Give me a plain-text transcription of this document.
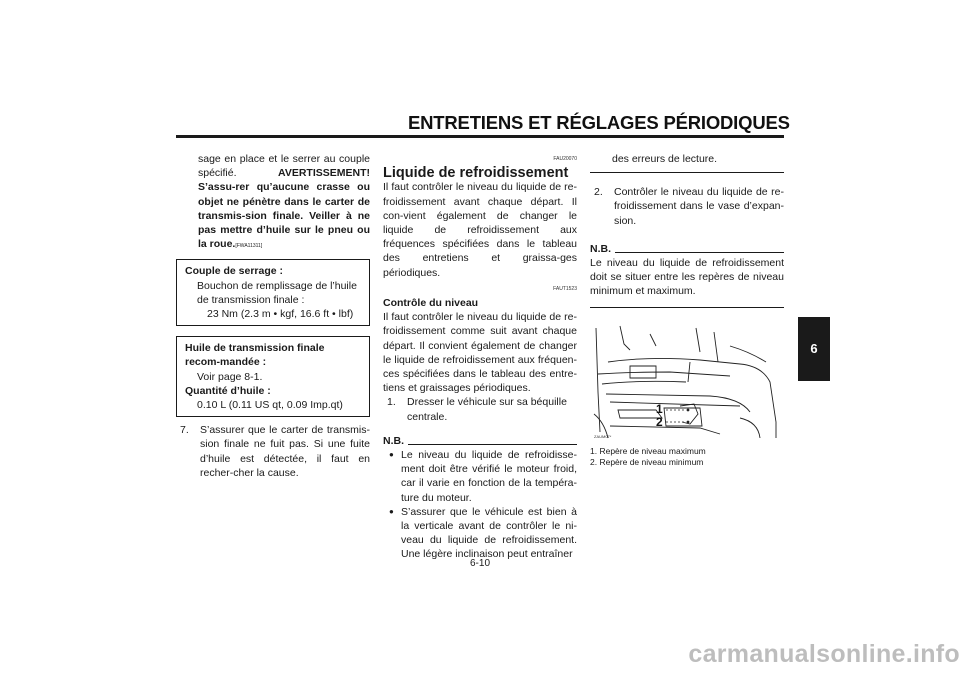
ENTRETIENS ET RÉGLAGES PÉRIODIQUES
6
sage en place et le serrer au couple spécifié.	AVERTISSEMENT! S’assu-rer qu’aucune crasse ou objet ne pénètre dans le carter de transmis-sion finale. Veiller à ne pas mettre d’huile sur le pneu ou la roue.[FWA11311]
Couple de serrage :
Bouchon de remplissage de l’huile de transmission finale :
23 Nm (2.3 m • kgf, 16.6 ft • lbf)
Huile de transmission finale recom-mandée :
Voir page 8-1.
Quantité d’huile :
0.10 L (0.11 US qt, 0.09 Imp.qt)
7.	S’assurer que le carter de transmis-sion finale ne fuit pas. Si une fuite d’huile est détectée, il faut en recher-cher la cause.
FAU20070
Liquide de refroidissement
Il faut contrôler le niveau du liquide de re-froidissement avant chaque départ. Il con-vient également de changer le liquide de refroidissement aux fréquences spécifiées dans le tableau des entretiens et graissa-ges périodiques.
FAUT1523
Contrôle du niveau
Il faut contrôler le niveau du liquide de re-froidissement comme suit avant chaque départ. Il convient également de changer le liquide de refroidissement aux fréquen-ces spécifiées dans le tableau des entre-tiens et graissages périodiques.
1.	Dresser le véhicule sur sa béquille centrale.
N.B.
● Le niveau du liquide de refroidisse-ment doit être vérifié le moteur froid, car il varie en fonction de la tempéra-ture du moteur.
● S’assurer que le véhicule est bien à la verticale avant de contrôler le ni-veau du liquide de refroidissement. Une légère inclinaison peut entraîner
des erreurs de lecture.
2.	Contrôler le niveau du liquide de re-froidissement dans le vase d’expan-sion.
N.B.
Le niveau du liquide de refroidissement doit se situer entre les repères de niveau minimum et maximum.
1
2
ZAUM07*
1. Repère de niveau maximum
2. Repère de niveau minimum
6-10
carmanualsonline.info
